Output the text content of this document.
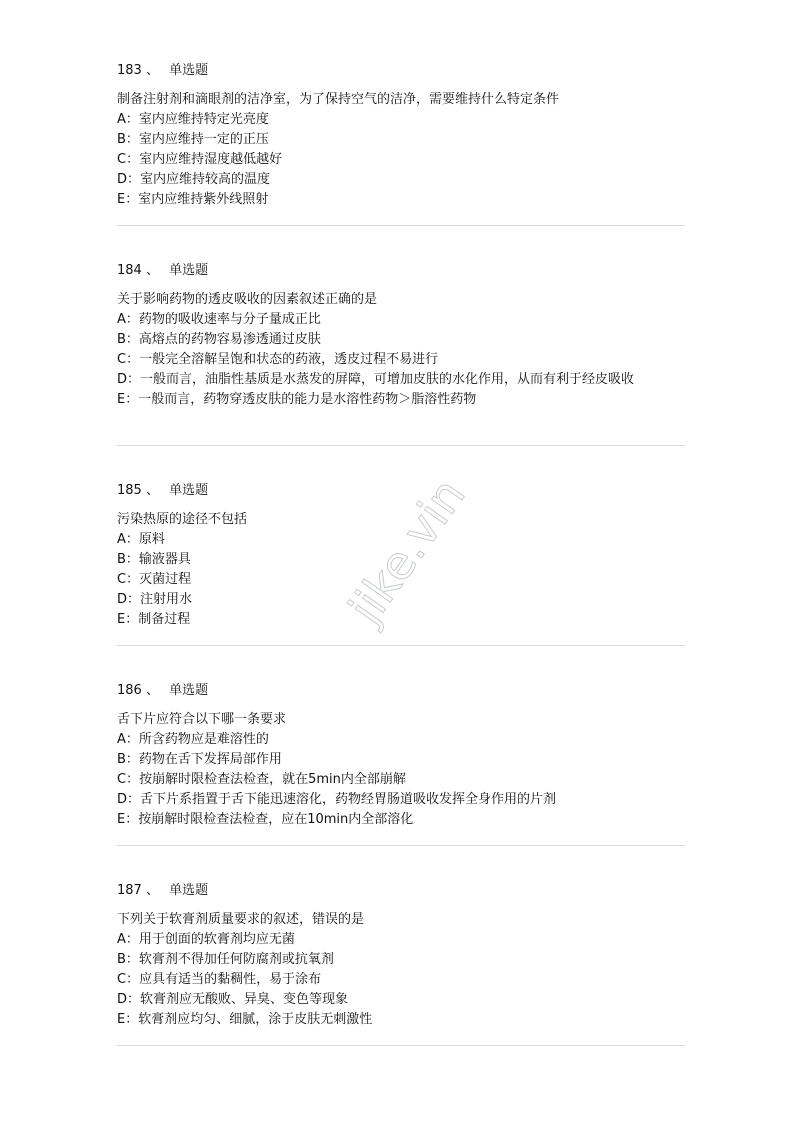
183 、 单选题

制备注射剂和滴眼剂的洁净室，为了保持空气的洁净，需要维持什么特定条件

A： 室内应维持特定光亮度
B： 室内应维持一定的正压
C： 室内应维持湿度越低越好
D： 室内应维持较高的温度
E： 室内应维持紫外线照射
184 、 单选题

关于影响药物的透皮吸收的因素叙述正确的是

A： 药物的吸收速率与分子量成正比
B： 高熔点的药物容易渗透通过皮肤
C： 一般完全溶解呈饱和状态的药液，透皮过程不易进行
D： 一般而言，油脂性基质是水蒸发的屏障，可增加皮肤的水化作用，从而有利于经皮吸收
E： 一般而言，药物穿透皮肤的能力是水溶性药物＞脂溶性药物
185 、 单选题

污染热原的途径不包括

A： 原料
B： 输液器具
C： 灭菌过程
D： 注射用水
E： 制备过程
186 、 单选题

舌下片应符合以下哪一条要求

A： 所含药物应是难溶性的
B： 药物在舌下发挥局部作用
C： 按崩解时限检查法检查，就在5min内全部崩解
D： 舌下片系指置于舌下能迅速溶化，药物经胃肠道吸收发挥全身作用的片剂
E： 按崩解时限检查法检查，应在10min内全部溶化
187 、 单选题

下列关于软膏剂质量要求的叙述，错误的是

A： 用于创面的软膏剂均应无菌
B： 软膏剂不得加任何防腐剂或抗氧剂
C： 应具有适当的黏稠性，易于涂布
D： 软膏剂应无酸败、异臭、变色等现象
E： 软膏剂应均匀、细腻，涂于皮肤无刺激性
jike.vin
